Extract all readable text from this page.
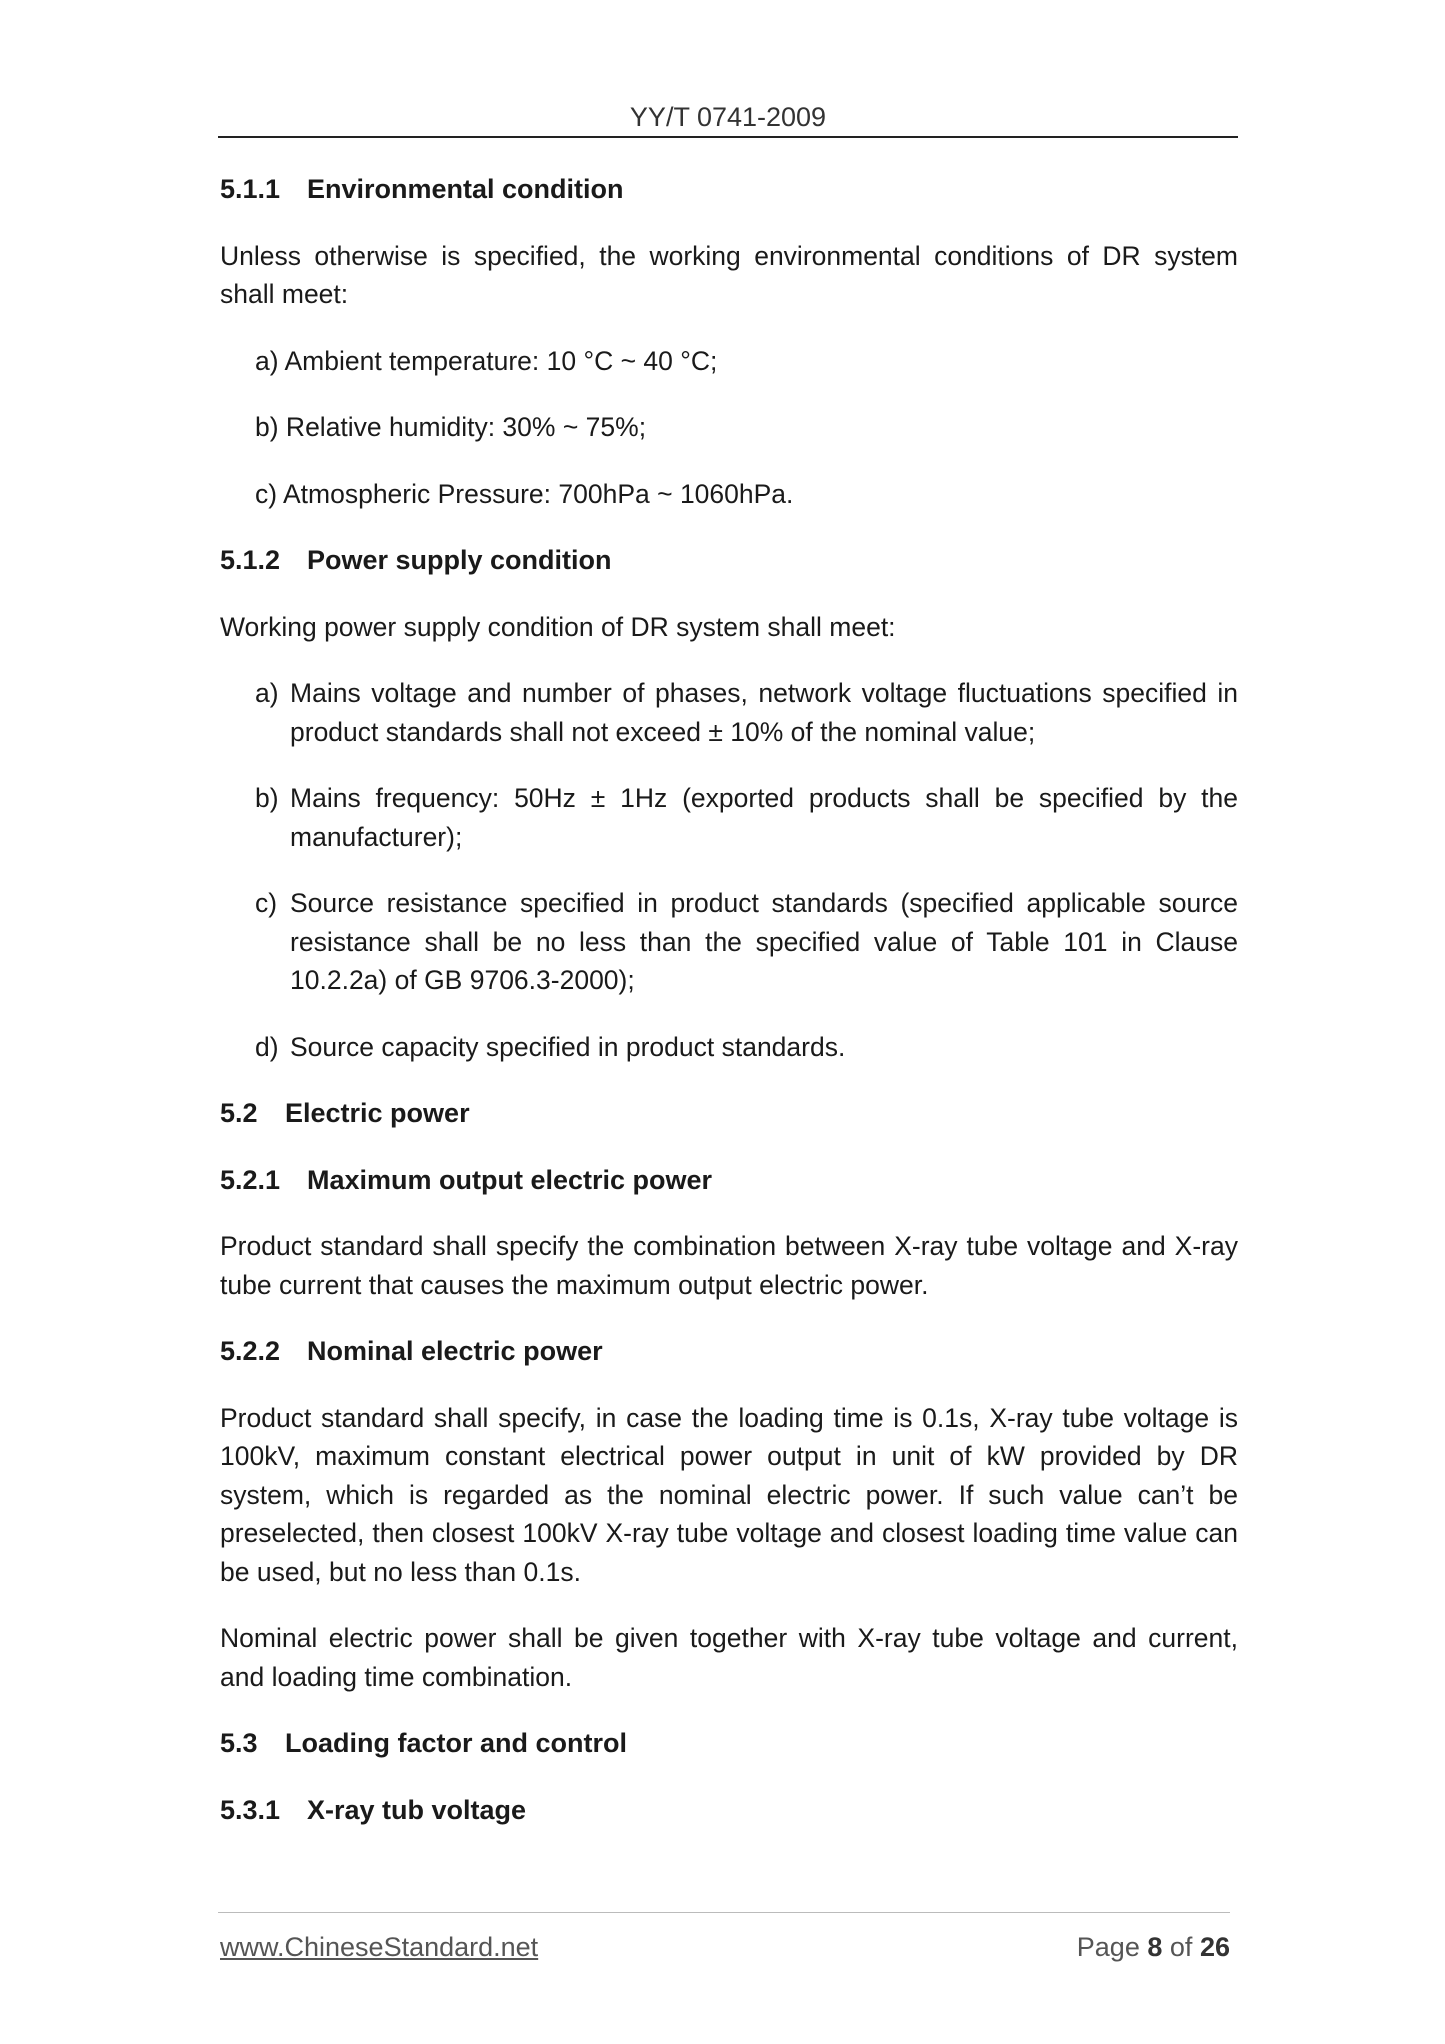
YY/T 0741-2009
5.1.1 Environmental condition
Unless otherwise is specified, the working environmental conditions of DR system shall meet:
a) Ambient temperature: 10 °C ~ 40 °C;
b) Relative humidity: 30% ~ 75%;
c) Atmospheric Pressure: 700hPa ~ 1060hPa.
5.1.2 Power supply condition
Working power supply condition of DR system shall meet:
a) Mains voltage and number of phases, network voltage fluctuations specified in product standards shall not exceed ± 10% of the nominal value;
b) Mains frequency: 50Hz ± 1Hz (exported products shall be specified by the manufacturer);
c) Source resistance specified in product standards (specified applicable source resistance shall be no less than the specified value of Table 101 in Clause 10.2.2a) of GB 9706.3-2000);
d) Source capacity specified in product standards.
5.2 Electric power
5.2.1 Maximum output electric power
Product standard shall specify the combination between X-ray tube voltage and X-ray tube current that causes the maximum output electric power.
5.2.2 Nominal electric power
Product standard shall specify, in case the loading time is 0.1s, X-ray tube voltage is 100kV, maximum constant electrical power output in unit of kW provided by DR system, which is regarded as the nominal electric power. If such value can’t be preselected, then closest 100kV X-ray tube voltage and closest loading time value can be used, but no less than 0.1s.
Nominal electric power shall be given together with X-ray tube voltage and current, and loading time combination.
5.3 Loading factor and control
5.3.1 X-ray tub voltage
www.ChineseStandard.net	Page 8 of 26
